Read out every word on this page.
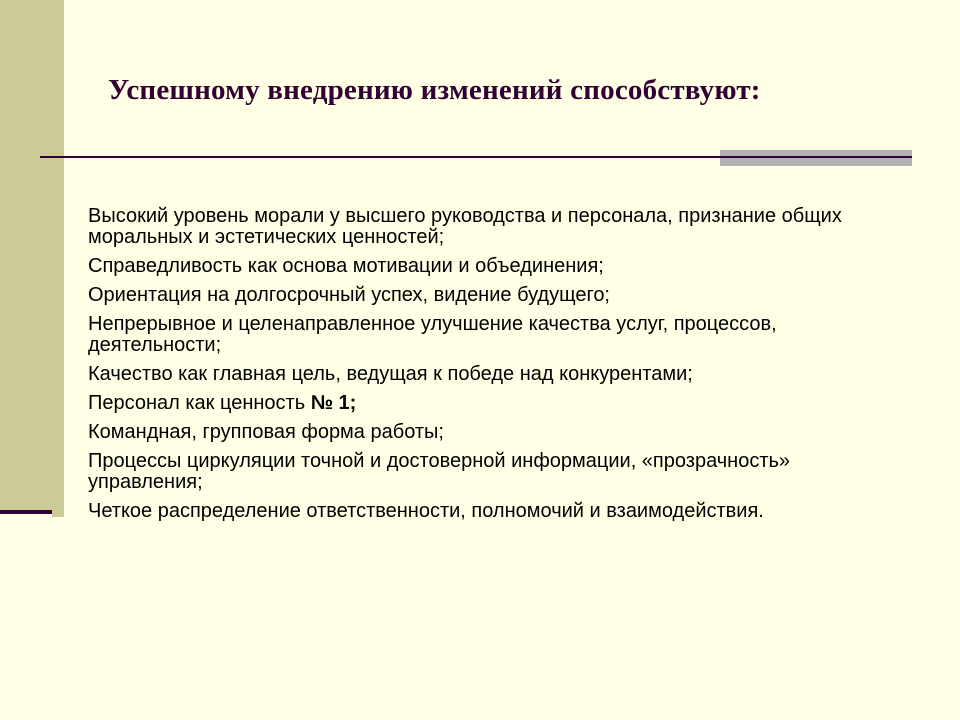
Успешному внедрению изменений способствуют:
Высокий уровень морали у высшего руководства и персонала, признание общих моральных и эстетических ценностей;
Справедливость как основа мотивации и объединения;
Ориентация на долгосрочный успех, видение будущего;
Непрерывное и целенаправленное улучшение качества услуг, процессов, деятельности;
Качество как главная цель, ведущая к победе над конкурентами;
Персонал как ценность № 1;
Командная, групповая форма работы;
Процессы циркуляции точной и достоверной информации, «прозрачность» управления;
Четкое распределение ответственности, полномочий и взаимодействия.
